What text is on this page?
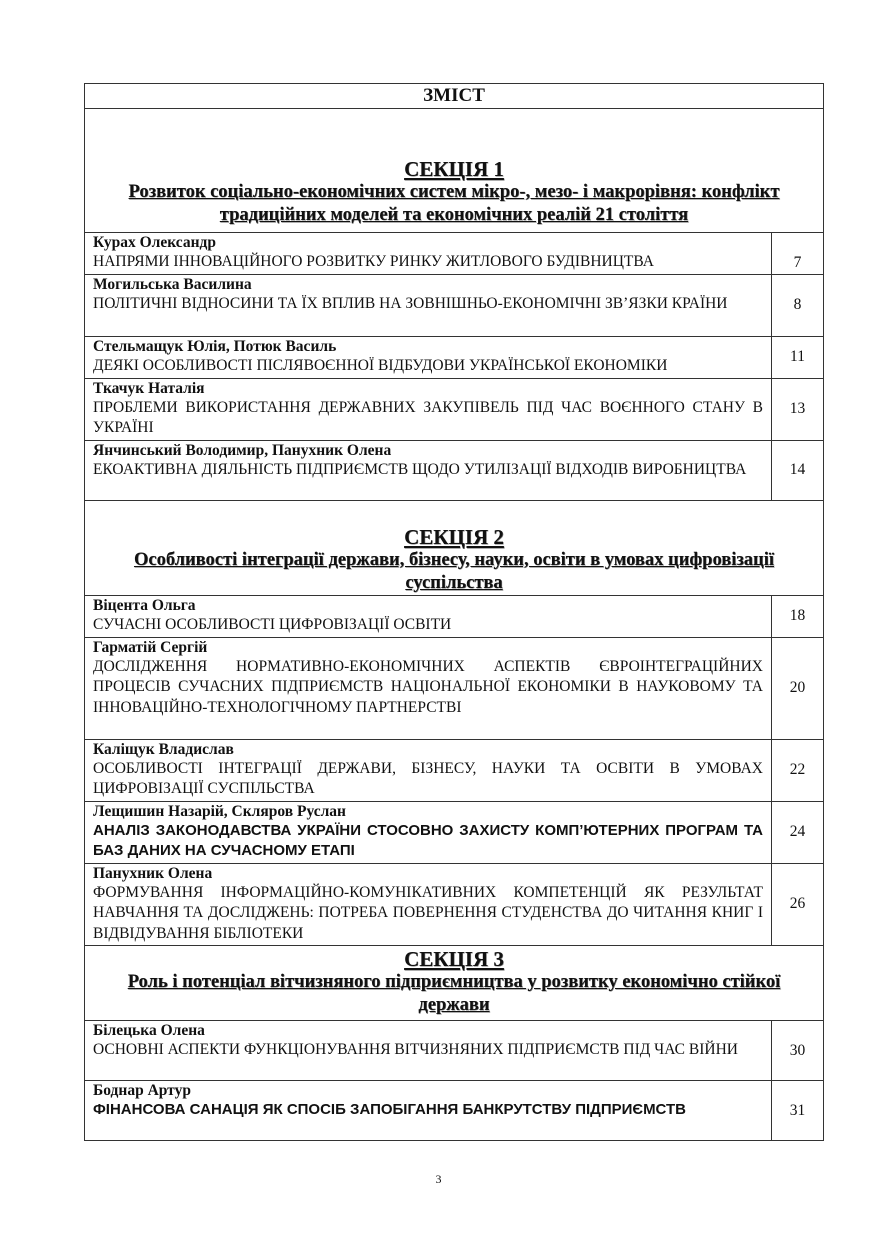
ЗМІСТ	

СЕКЦІЯ 1
Розвиток соціально-економічних систем мікро-, мезо- і макрорівня: конфлікт традиційних моделей та економічних реалій 21 століття	

Курах Олександр
НАПРЯМИ ІННОВАЦІЙНОГО РОЗВИТКУ РИНКУ ЖИТЛОВОГО БУДІВНИЦТВА	7

Могильська Василина
ПОЛІТИЧНІ ВІДНОСИНИ ТА ЇХ ВПЛИВ НА ЗОВНІШНЬО-ЕКОНОМІЧНІ ЗВ’ЯЗКИ КРАЇНИ	8

Стельмащук Юлія, Потюк Василь
ДЕЯКІ ОСОБЛИВОСТІ ПІСЛЯВОЄННОЇ ВІДБУДОВИ УКРАЇНСЬКОЇ ЕКОНОМІКИ	11

Ткачук Наталія
ПРОБЛЕМИ ВИКОРИСТАННЯ ДЕРЖАВНИХ ЗАКУПІВЕЛЬ ПІД ЧАС ВОЄННОГО СТАНУ В УКРАЇНІ	13

Янчинський Володимир, Панухник Олена
ЕКОАКТИВНА ДІЯЛЬНІСТЬ ПІДПРИЄМСТВ ЩОДО УТИЛІЗАЦІЇ ВІДХОДІВ ВИРОБНИЦТВА	14

СЕКЦІЯ 2
Особливості інтеграції держави, бізнесу, науки, освіти в умовах цифровізації суспільства	

Віцента Ольга
СУЧАСНІ ОСОБЛИВОСТІ ЦИФРОВІЗАЦІЇ ОСВІТИ	18

Гарматій Сергій
ДОСЛІДЖЕННЯ НОРМАТИВНО-ЕКОНОМІЧНИХ АСПЕКТІВ ЄВРОІНТЕГРАЦІЙНИХ ПРОЦЕСІВ СУЧАСНИХ ПІДПРИЄМСТВ НАЦІОНАЛЬНОЇ ЕКОНОМІКИ В НАУКОВОМУ ТА ІННОВАЦІЙНО-ТЕХНОЛОГІЧНОМУ ПАРТНЕРСТВІ	20

Каліщук Владислав
ОСОБЛИВОСТІ ІНТЕГРАЦІЇ ДЕРЖАВИ, БІЗНЕСУ, НАУКИ ТА ОСВІТИ В УМОВАХ ЦИФРОВІЗАЦІЇ СУСПІЛЬСТВА	22

Лещишин Назарій, Скляров Руслан
АНАЛІЗ ЗАКОНОДАВСТВА УКРАЇНИ СТОСОВНО ЗАХИСТУ КОМП’ЮТЕРНИХ ПРОГРАМ ТА БАЗ ДАНИХ НА СУЧАСНОМУ ЕТАПІ	24

Панухник Олена
ФОРМУВАННЯ ІНФОРМАЦІЙНО-КОМУНІКАТИВНИХ КОМПЕТЕНЦІЙ ЯК РЕЗУЛЬТАТ НАВЧАННЯ ТА ДОСЛІДЖЕНЬ: ПОТРЕБА ПОВЕРНЕННЯ СТУДЕНСТВА ДО ЧИТАННЯ КНИГ І ВІДВІДУВАННЯ БІБЛІОТЕКИ	26

СЕКЦІЯ 3
Роль і потенціал вітчизняного підприємництва у розвитку економічно стійкої держави	

Білецька Олена
ОСНОВНІ АСПЕКТИ ФУНКЦІОНУВАННЯ ВІТЧИЗНЯНИХ ПІДПРИЄМСТВ ПІД ЧАС ВІЙНИ	30

Боднар Артур
ФІНАНСОВА САНАЦІЯ ЯК СПОСІБ ЗАПОБІГАННЯ БАНКРУТСТВУ ПІДПРИЄМСТВ	31
3
